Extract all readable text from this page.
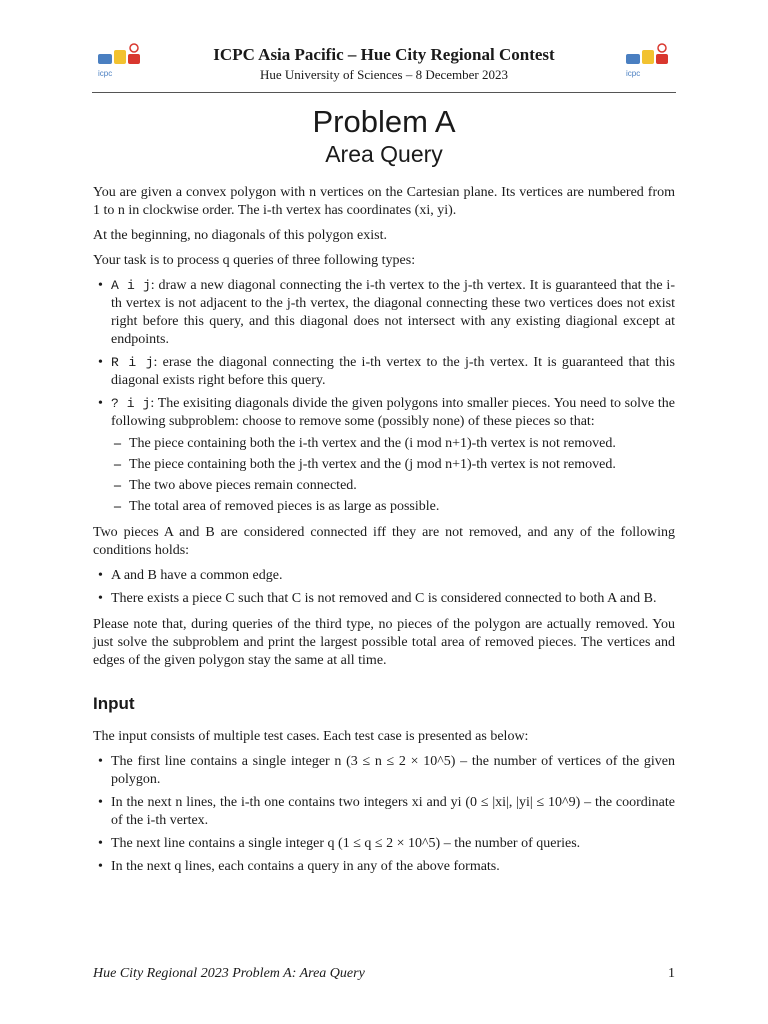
icpc
ICPC Asia Pacific – Hue City Regional Contest
Hue University of Sciences – 8 December 2023	icpc
Problem A
Area Query

You are given a convex polygon with n vertices on the Cartesian plane. Its vertices are numbered from 1 to n in clockwise order. The i-th vertex has coordinates (xi, yi).

At the beginning, no diagonals of this polygon exist.

Your task is to process q queries of three following types:

• A i j: draw a new diagonal connecting the i-th vertex to the j-th vertex. It is guaranteed that the i-th vertex is not adjacent to the j-th vertex, the diagonal connecting these two vertices does not exist right before this query, and this diagonal does not intersect with any existing diagional except at endpoints.
• R i j: erase the diagonal connecting the i-th vertex to the j-th vertex. It is guaranteed that this diagonal exists right before this query.
• ? i j: The exisiting diagonals divide the given polygons into smaller pieces. You need to solve the following subproblem: choose to remove some (possibly none) of these pieces so that:
– The piece containing both the i-th vertex and the (i mod n+1)-th vertex is not removed.
– The piece containing both the j-th vertex and the (j mod n+1)-th vertex is not removed.
– The two above pieces remain connected.
– The total area of removed pieces is as large as possible.

Two pieces A and B are considered connected iff they are not removed, and any of the following conditions holds:

• A and B have a common edge.
• There exists a piece C such that C is not removed and C is considered connected to both A and B.

Please note that, during queries of the third type, no pieces of the polygon are actually removed. You just solve the subproblem and print the largest possible total area of removed pieces. The vertices and edges of the given polygon stay the same at all time.

Input

The input consists of multiple test cases. Each test case is presented as below:

• The first line contains a single integer n (3 ≤ n ≤ 2 × 10^5) – the number of vertices of the given polygon.
• In the next n lines, the i-th one contains two integers xi and yi (0 ≤ |xi|, |yi| ≤ 10^9) – the coordinate of the i-th vertex.
• The next line contains a single integer q (1 ≤ q ≤ 2 × 10^5) – the number of queries.
• In the next q lines, each contains a query in any of the above formats.
Hue City Regional 2023 Problem A: Area Query	1
